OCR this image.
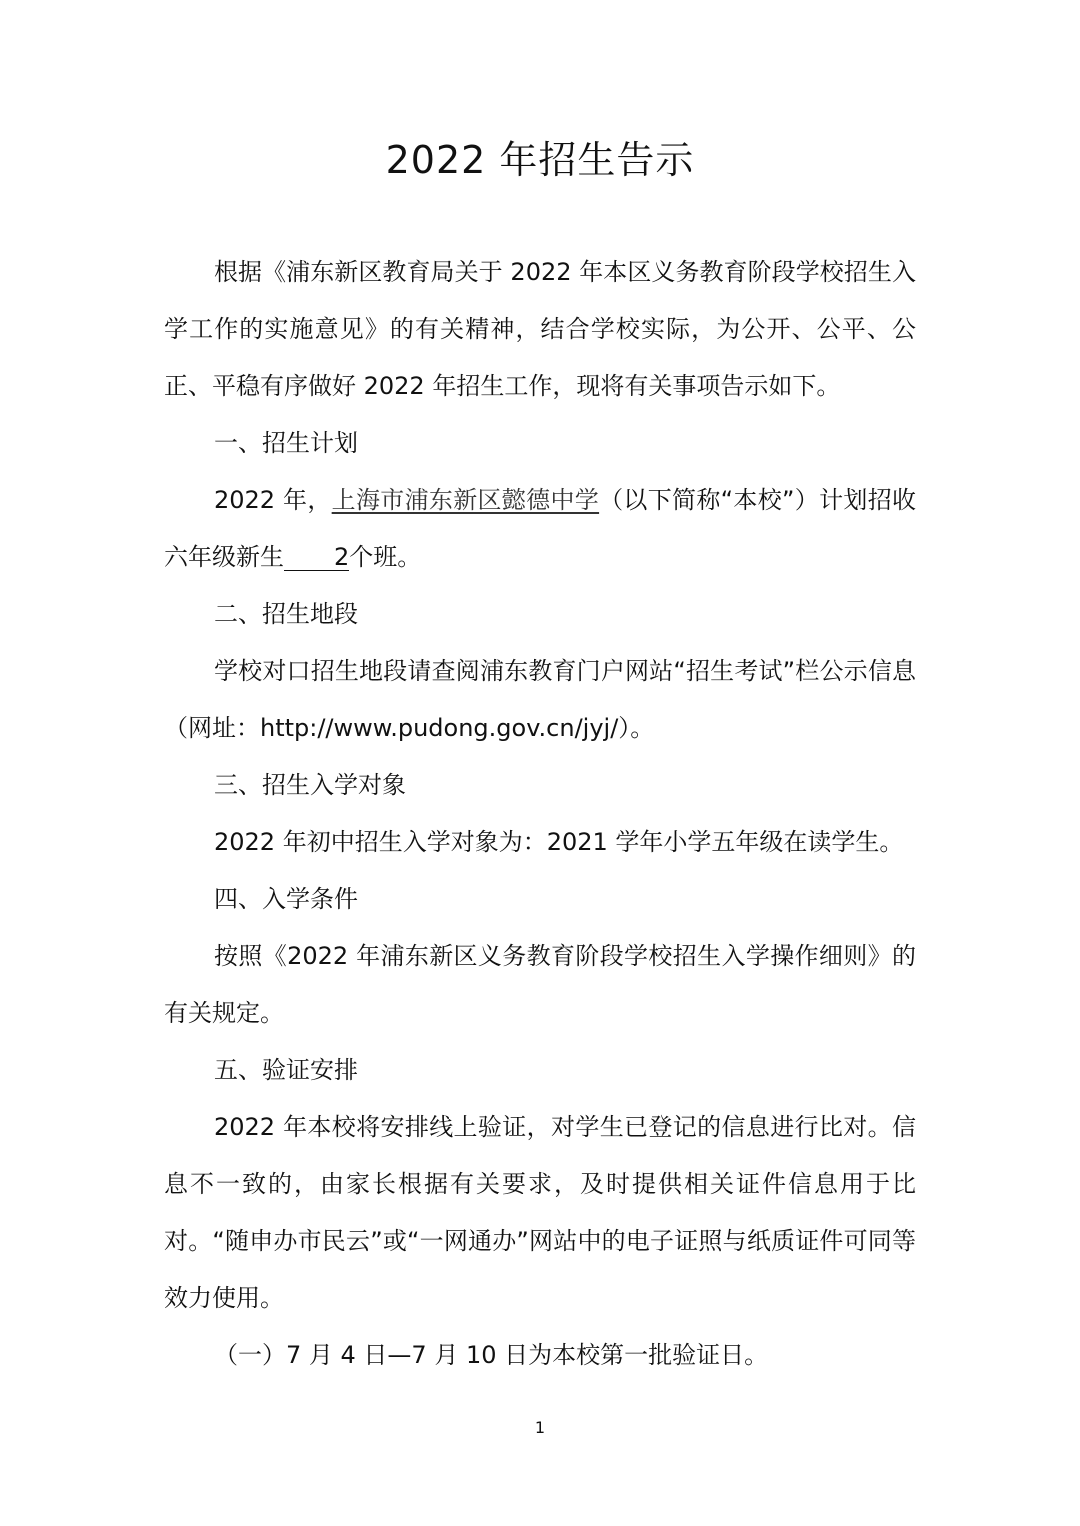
2022 年招生告示

根据《浦东新区教育局关于 2022 年本区义务教育阶段学校招生入学工作的实施意见》的有关精神，结合学校实际，为公开、公平、公正、平稳有序做好 2022 年招生工作，现将有关事项告示如下。

一、招生计划

2022 年，上海市浦东新区懿德中学（以下简称“本校”）计划招收六年级新生 2个班。

二、招生地段

学校对口招生地段请查阅浦东教育门户网站“招生考试”栏公示信息（网址：http://www.pudong.gov.cn/jyj/）。

三、招生入学对象

2022 年初中招生入学对象为：2021 学年小学五年级在读学生。

四、入学条件

按照《2022 年浦东新区义务教育阶段学校招生入学操作细则》的有关规定。

五、验证安排

2022 年本校将安排线上验证，对学生已登记的信息进行比对。信息不一致的，由家长根据有关要求，及时提供相关证件信息用于比对。“随申办市民云”或“一网通办”网站中的电子证照与纸质证件可同等效力使用。

（一）7 月 4 日—7 月 10 日为本校第一批验证日。

1
